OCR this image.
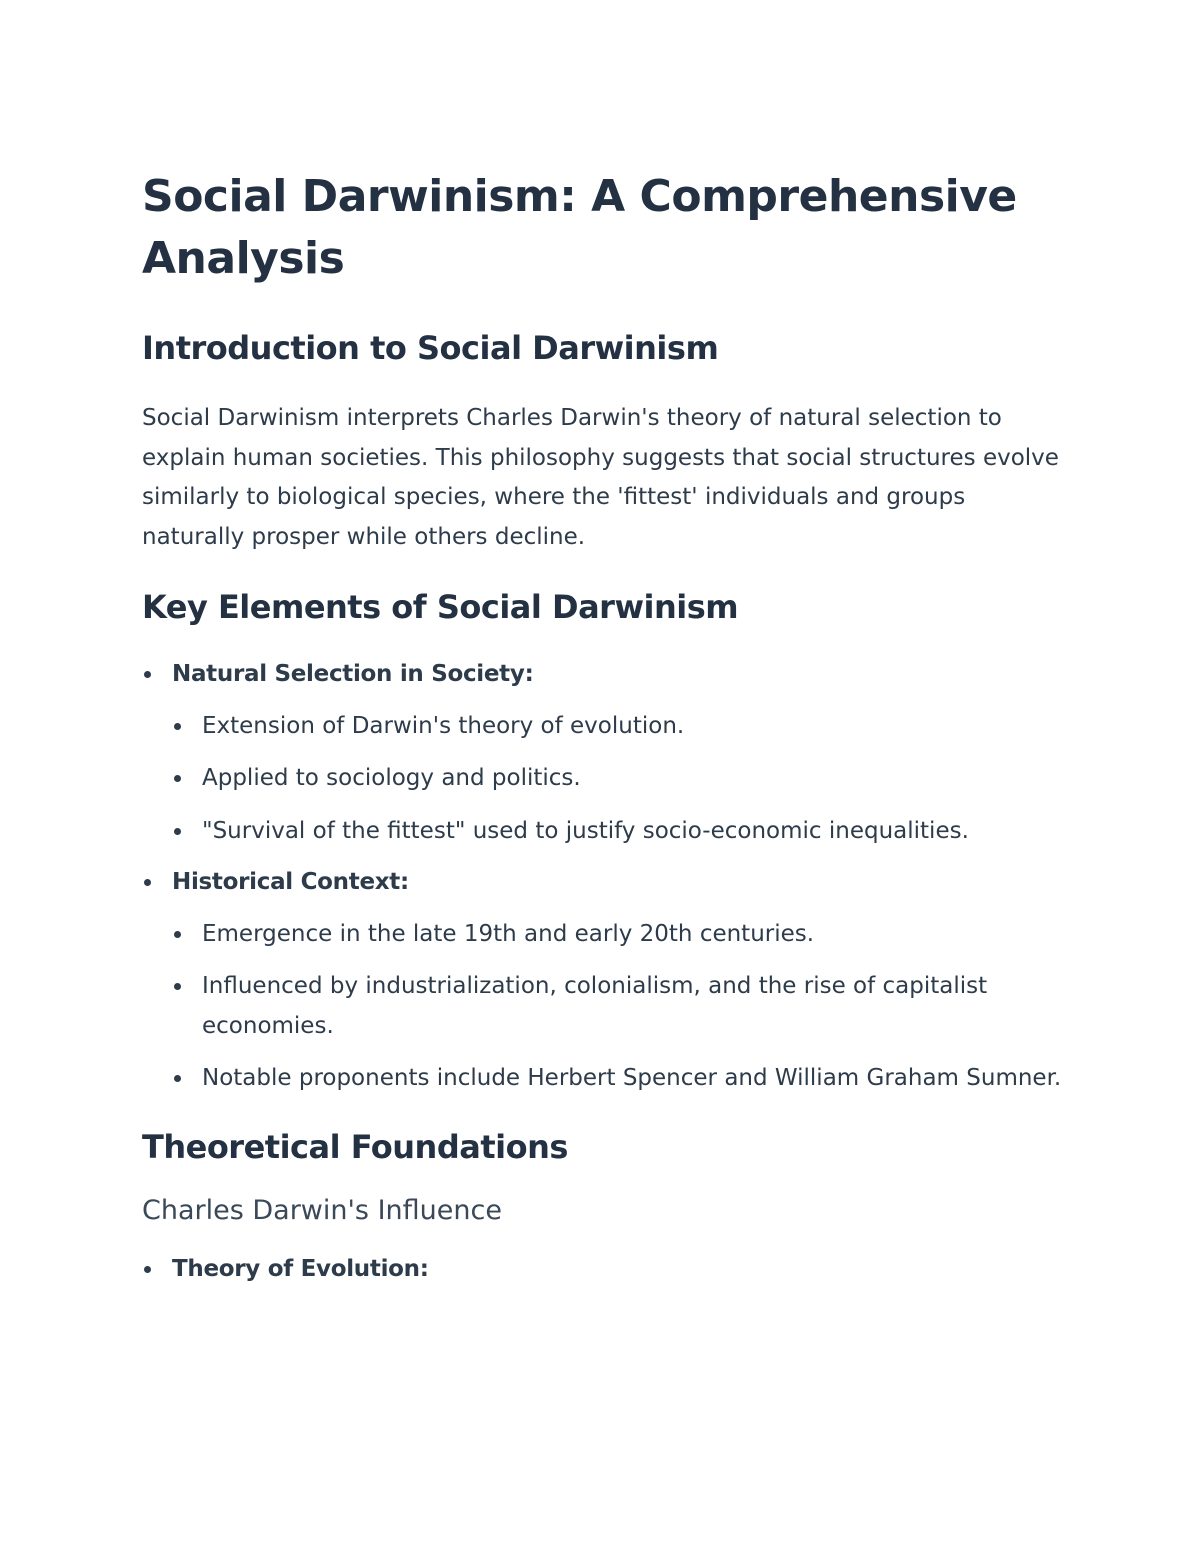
Social Darwinism: A Comprehensive Analysis
Introduction to Social Darwinism

Social Darwinism interprets Charles Darwin's theory of natural selection to explain human societies. This philosophy suggests that social structures evolve similarly to biological species, where the 'fittest' individuals and groups naturally prosper while others decline.

Key Elements of Social Darwinism
Natural Selection in Society:
Extension of Darwin's theory of evolution.
Applied to sociology and politics.
"Survival of the fittest" used to justify socio-economic inequalities.
Historical Context:
Emergence in the late 19th and early 20th centuries.
Influenced by industrialization, colonialism, and the rise of capitalist economies.
Notable proponents include Herbert Spencer and William Graham Sumner.
Theoretical Foundations
Charles Darwin's Influence
Theory of Evolution:
